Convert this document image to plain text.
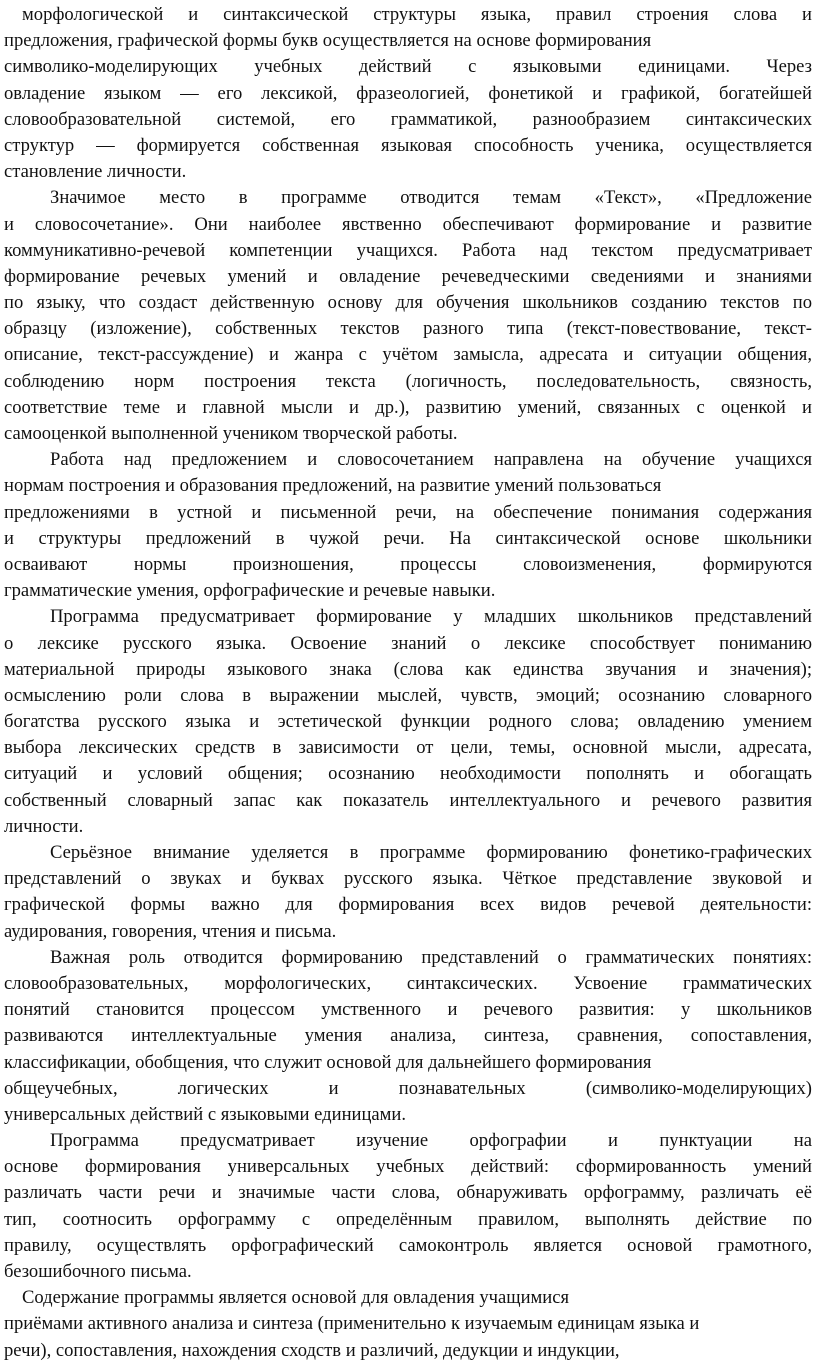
морфологической и синтаксической структуры языка, правил строения слова и
предложения, графической формы букв осуществляется на основе формирования
символико-моделирующих учебных действий с языковыми единицами. Через
овладение языком — его лексикой, фразеологией, фонетикой и графикой, богатейшей
словообразовательной системой, его грамматикой, разнообразием синтаксических
структур — формируется собственная языковая способность ученика, осуществляется
становление личности.
Значимое место в программе отводится темам «Текст», «Предложение
и словосочетание». Они наиболее явственно обеспечивают формирование и развитие
коммуникативно-речевой компетенции учащихся. Работа над текстом предусматривает
формирование речевых умений и овладение речеведческими сведениями и знаниями
по языку, что создаст действенную основу для обучения школьников созданию текстов по
образцу (изложение), собственных текстов разного типа (текст-повествование, текст-
описание, текст-рассуждение) и жанра с учётом замысла, адресата и ситуации общения,
соблюдению норм построения текста (логичность, последовательность, связность,
соответствие теме и главной мысли и др.), развитию умений, связанных с оценкой и
самооценкой выполненной учеником творческой работы.
Работа над предложением и словосочетанием направлена на обучение учащихся
нормам построения и образования предложений, на развитие умений пользоваться
предложениями в устной и письменной речи, на обеспечение понимания содержания
и структуры предложений в чужой речи. На синтаксической основе школьники
осваивают нормы произношения, процессы словоизменения, формируются
грамматические умения, орфографические и речевые навыки.
Программа предусматривает формирование у младших школьников представлений
о лексике русского языка. Освоение знаний о лексике способствует пониманию
материальной природы языкового знака (слова как единства звучания и значения);
осмыслению роли слова в выражении мыслей, чувств, эмоций; осознанию словарного
богатства русского языка и эстетической функции родного слова; овладению умением
выбора лексических средств в зависимости от цели, темы, основной мысли, адресата,
ситуаций и условий общения; осознанию необходимости пополнять и обогащать
собственный словарный запас как показатель интеллектуального и речевого развития
личности.
Серьёзное внимание уделяется в программе формированию фонетико-графических
представлений о звуках и буквах русского языка. Чёткое представление звуковой и
графической формы важно для формирования всех видов речевой деятельности:
аудирования, говорения, чтения и письма.
Важная роль отводится формированию представлений о грамматических понятиях:
словообразовательных, морфологических, синтаксических. Усвоение грамматических
понятий становится процессом умственного и речевого развития: у школьников
развиваются интеллектуальные умения анализа, синтеза, сравнения, сопоставления,
классификации, обобщения, что служит основой для дальнейшего формирования
общеучебных, логических и познавательных (символико-моделирующих)
универсальных действий с языковыми единицами.
Программа предусматривает изучение орфографии и пунктуации на
основе формирования универсальных учебных действий: сформированность умений
различать части речи и значимые части слова, обнаруживать орфограмму, различать её
тип, соотносить орфограмму с определённым правилом, выполнять действие по
правилу, осуществлять орфографический самоконтроль является основой грамотного,
безошибочного письма.
Содержание программы является основой для овладения учащимися
приёмами активного анализа и синтеза (применительно к изучаемым единицам языка и
речи), сопоставления, нахождения сходств и различий, дедукции и индукции,
